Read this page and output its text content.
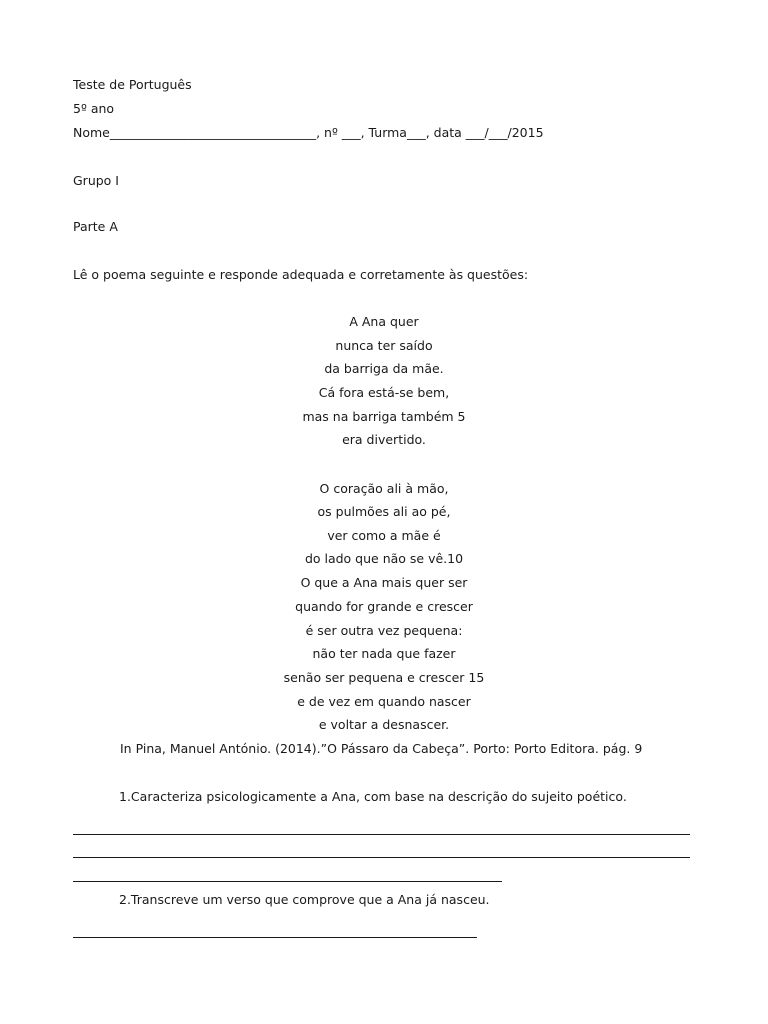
Teste de Português
5º ano
Nome_________________________________, nº ___, Turma___, data ___/___/2015
Grupo I
Parte A
Lê o poema seguinte e responde adequada e corretamente às questões:
A Ana quer
nunca ter saído
da barriga da mãe.
Cá fora está-se bem,
mas na barriga também 5
era divertido.
O coração ali à mão,
os pulmões ali ao pé,
ver como a mãe é
do lado que não se vê.10
O que a Ana mais quer ser
quando for grande e crescer
é ser outra vez pequena:
não ter nada que fazer
senão ser pequena e crescer 15
e de vez em quando nascer
e voltar a desnascer.
In Pina, Manuel António. (2014).”O Pássaro da Cabeça”. Porto: Porto Editora. pág. 9
1.Caracteriza psicologicamente a Ana, com base na descrição do sujeito poético.
2.Transcreve um verso que comprove que a Ana já nasceu.
